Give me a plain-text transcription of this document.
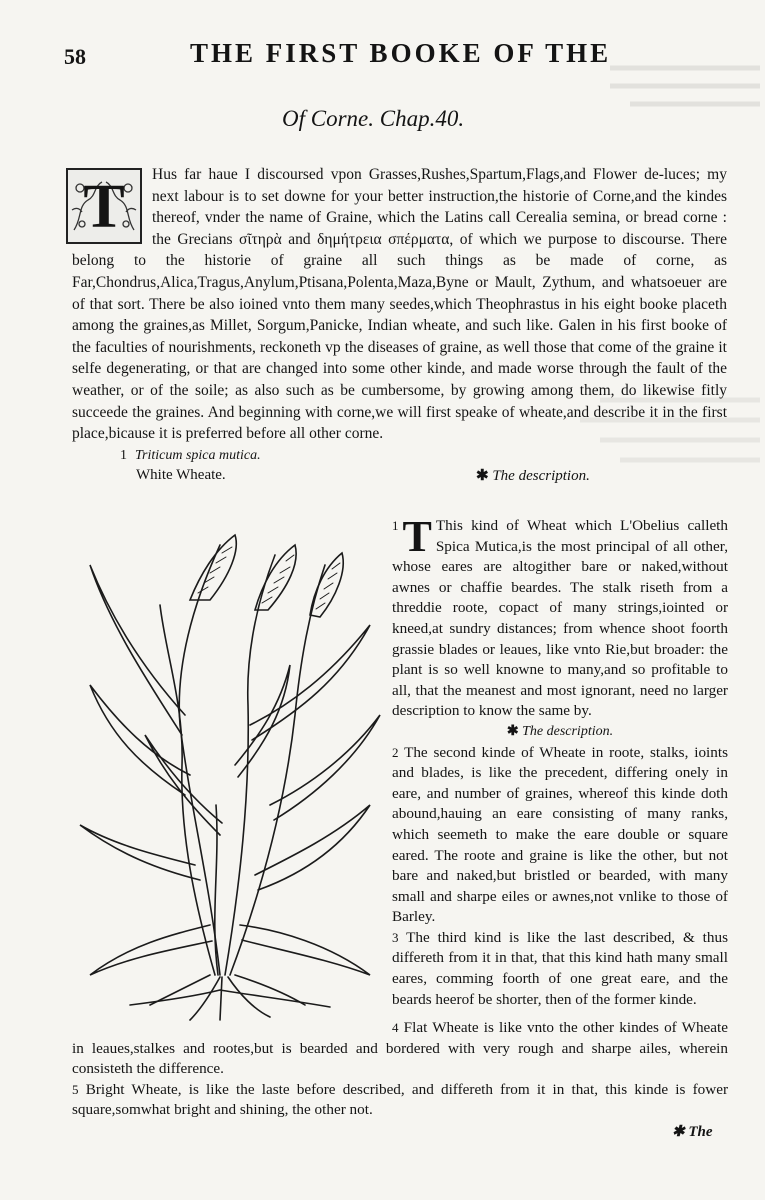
58	THE FIRST BOOKE OF THE
Of Corne. Chap.40.
T	Hus far haue I discoursed vpon Grasses,Rushes,Spartum,Flags,and Flower de-luces; my next labour is to set downe for your better instruction,the historie of Corne,and the kindes thereof, vnder the name of Graine, which the Latins call Cerealia semina, or bread corne : the Grecians σῖτηρὰ and δημήτρεια σπέρματα, of which we purpose to discourse. There belong to the historie of graine all such things as be made of corne, as Far,Chondrus,Alica,Tragus,Anylum,Ptisana,Polenta,Maza,Byne or Mault, Zythum, and whatsoeuer are of that sort. There be also ioined vnto them many seedes,which Theophrastus in his eight booke placeth among the graines,as Millet, Sorgum,Panicke, Indian wheate, and such like. Galen in his first booke of the faculties of nourishments, reckoneth vp the diseases of graine, as well those that come of the graine it selfe degenerating, or that are changed into some other kinde, and made worse through the fault of the weather, or of the soile; as also such as be cumbersome, by growing among them, do likewise fitly succeede the graines. And beginning with corne,we will first speake of wheate,and describe it in the first place,bicause it is preferred before all other corne.

1 Triticum spica mutica.
White Wheate.	✱ The description.

1 T This kind of Wheat which L'Obelius calleth Spica Mutica,is the most principal of all other, whose eares are altogither bare or naked,without awnes or chaffie beardes. The stalk riseth from a threddie roote, copact of many strings,iointed or kneed,at sundry distances; from whence shoot foorth grassie blades or leaues, like vnto Rie,but broader: the plant is so well knowne to many,and so profitable to all, that the meanest and most ignorant, need no larger description to know the same by.

✱ The description.

2 The second kinde of Wheate in roote, stalks, ioints and blades, is like the precedent, differing onely in eare, and number of graines, whereof this kinde doth abound,hauing an eare consisting of many ranks, which seemeth to make the eare double or square eared. The roote and graine is like the other, but not bare and naked,but bristled or bearded, with many small and sharpe eiles or awnes,not vnlike to those of Barley.

3 The third kind is like the last described, & thus differeth from it in that, that this kind hath many small eares, comming foorth of one great eare, and the beards heerof be shorter, then of the former kinde.

4 Flat Wheate is like vnto the other kindes of Wheate in leaues,stalkes and rootes,but is bearded and bordered with very rough and sharpe ailes, wherein consisteth the difference.

5 Bright Wheate, is like the laste before described, and differeth from it in that, this kinde is fower square,somwhat bright and shining, the other not.

✱ The
